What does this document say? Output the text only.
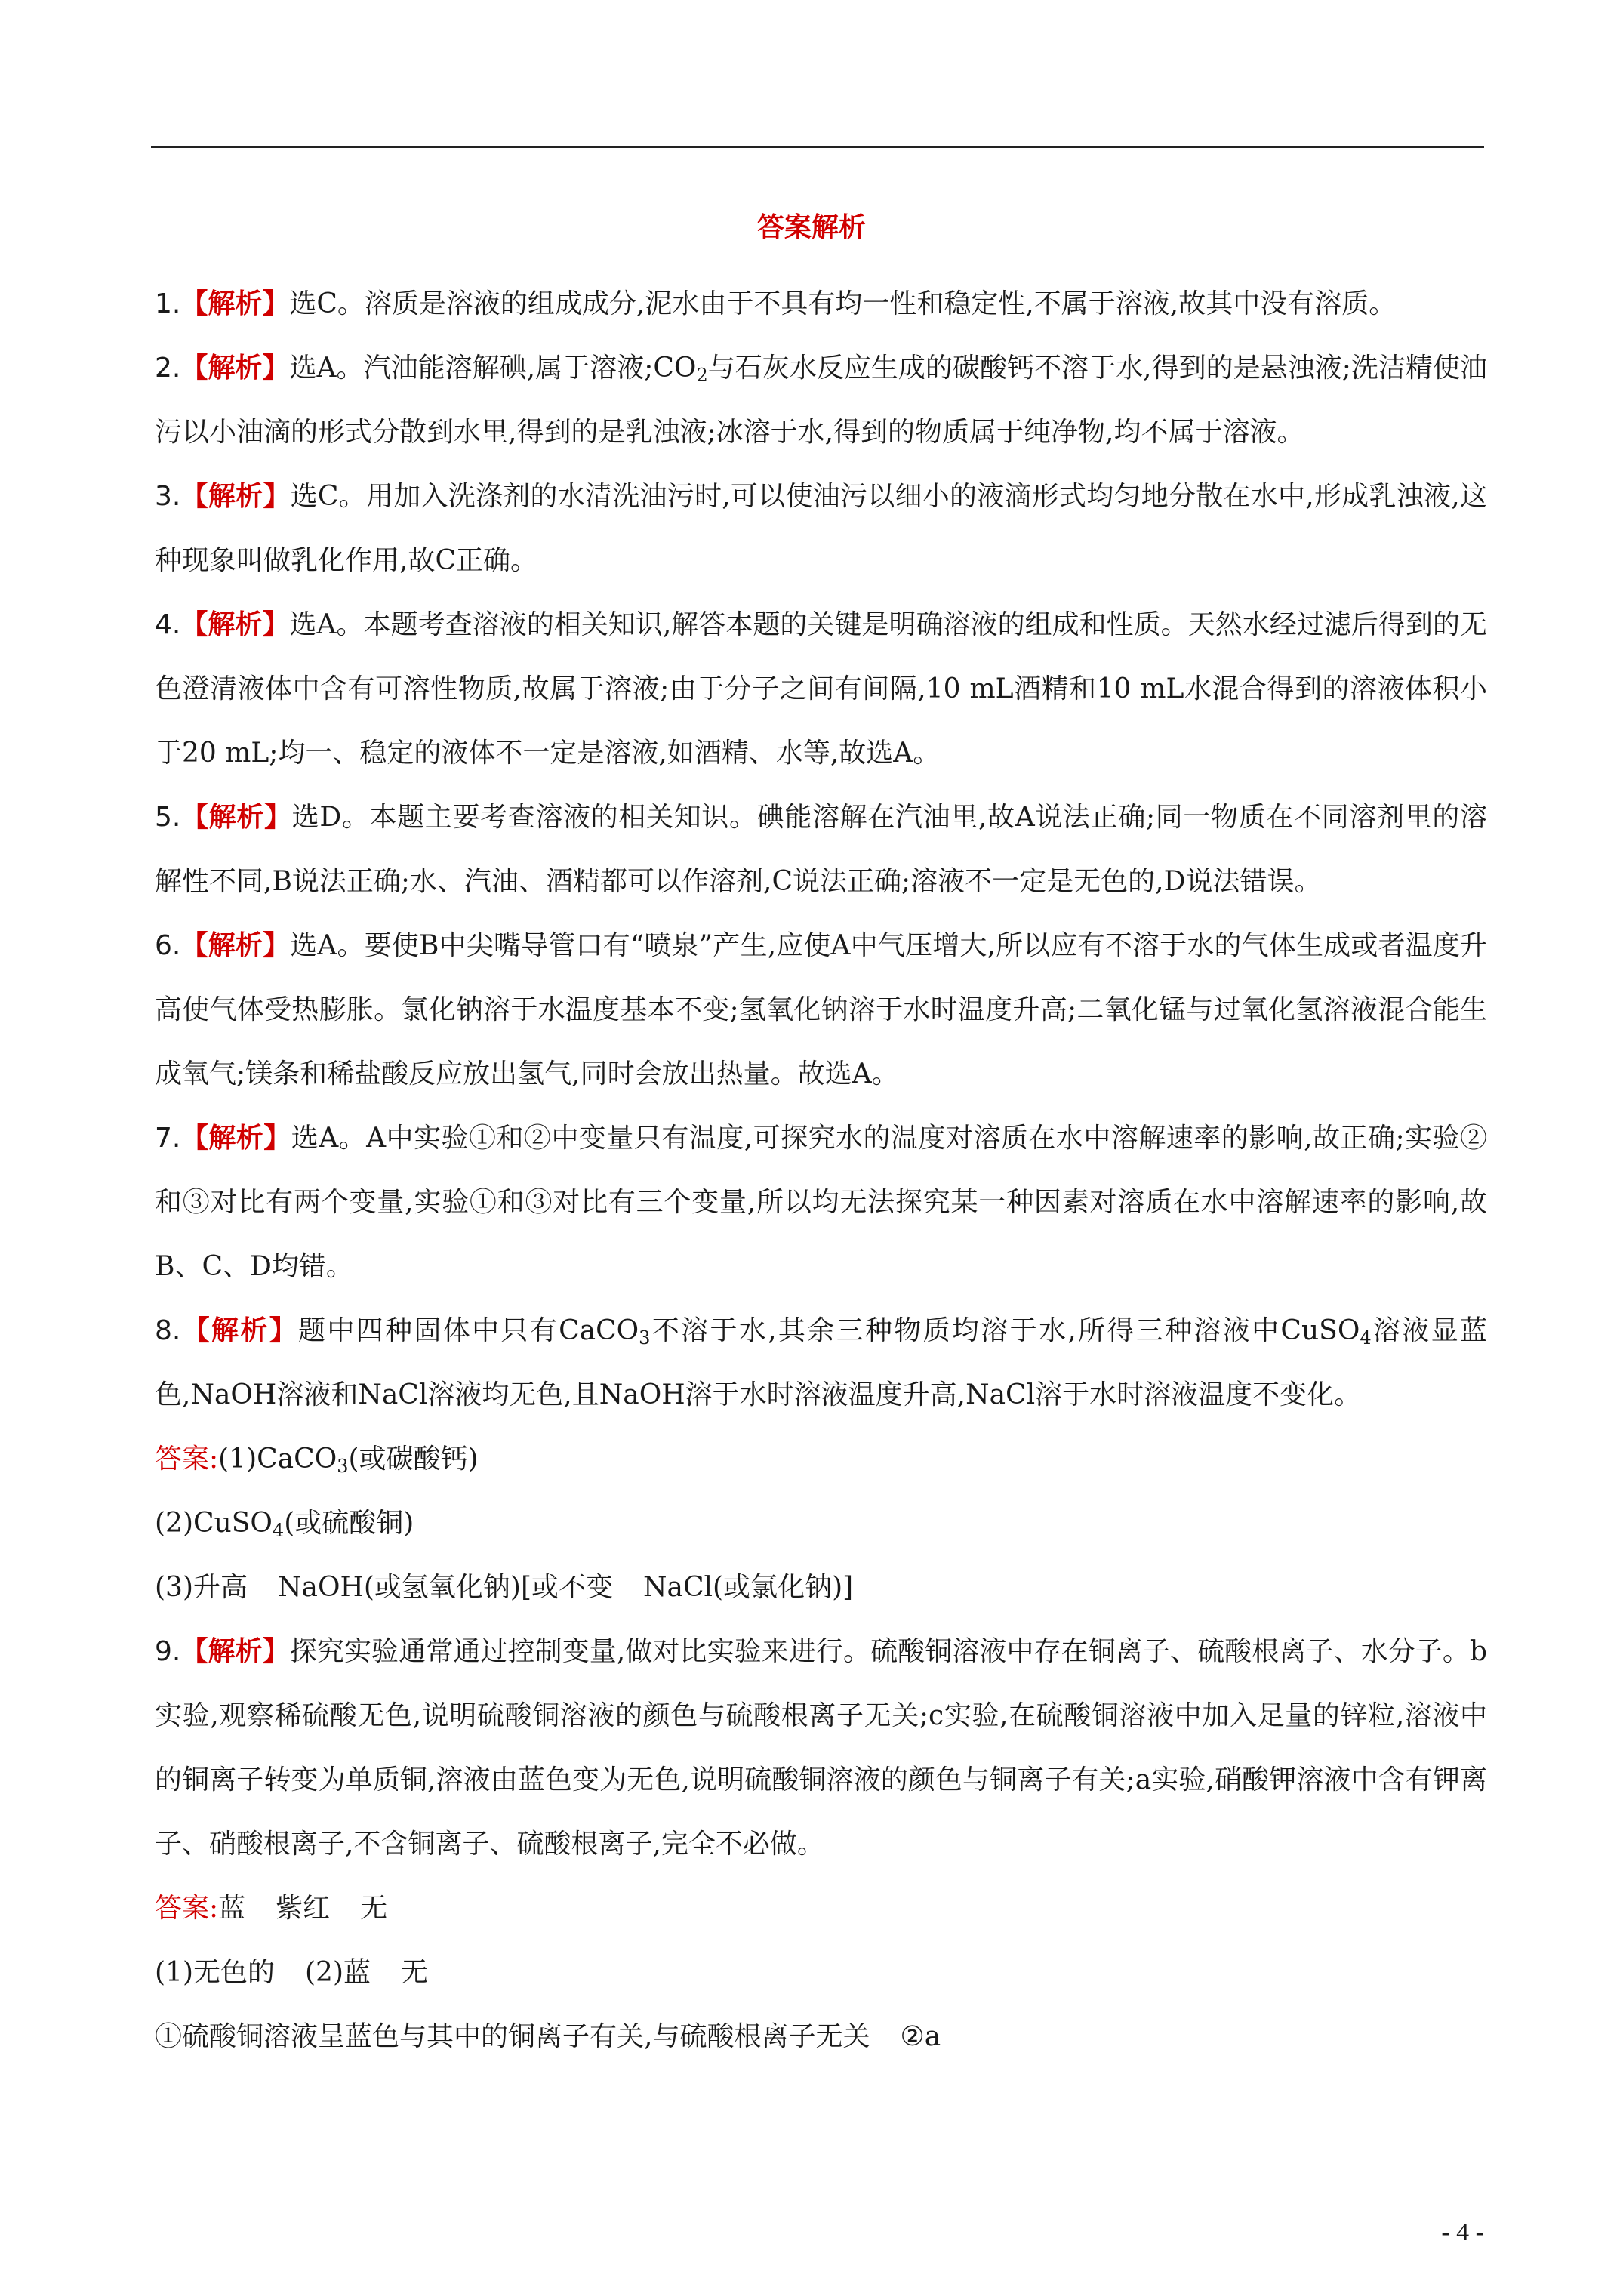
答案解析

1.【解析】选C。溶质是溶液的组成成分,泥水由于不具有均一性和稳定性,不属于溶液,故其中没有溶质。

2.【解析】选A。汽油能溶解碘,属于溶液$;CO_2$与石灰水反应生成的碳酸钙不溶于水,得到的是悬浊液;洗洁精使油污以小油滴的形式分散到水里,得到的是乳浊液;冰溶于水,得到的物质属于纯净物,均不属于溶液。

3.【解析】选C。用加入洗涤剂的水清洗油污时,可以使油污以细小的液滴形式均匀地分散在水中,形成乳浊液,这种现象叫做乳化作用,故C正确。

4.【解析】选A。本题考查溶液的相关知识,解答本题的关键是明确溶液的组成和性质。天然水经过滤后得到的无色澄清液体中含有可溶性物质,故属于溶液;由于分子之间有间隔,10 mL酒精和10 mL水混合得到的溶液体积小于20 mL;均一、稳定的液体不一定是溶液,如酒精、水等,故选A。

5.【解析】选D。本题主要考查溶液的相关知识。碘能溶解在汽油里,故A说法正确;同一物质在不同溶剂里的溶解性不同,B说法正确;水、汽油、酒精都可以作溶剂,C说法正确;溶液不一定是无色的,D说法错误。

6.【解析】选A。要使B中尖嘴导管口有“喷泉”产生,应使A中气压增大,所以应有不溶于水的气体生成或者温度升高使气体受热膨胀。氯化钠溶于水温度基本不变;氢氧化钠溶于水时温度升高;二氧化锰与过氧化氢溶液混合能生成氧气;镁条和稀盐酸反应放出氢气,同时会放出热量。故选A。

7.【解析】选A。A中实验①和②中变量只有温度,可探究水的温度对溶质在水中溶解速率的影响,故正确;实验②和③对比有两个变量,实验①和③对比有三个变量,所以均无法探究某一种因素对溶质在水中溶解速率的影响,故B、C、D均错。

8.【解析】题中四种固体中只有CaCO$_3$不溶于水,其余三种物质均溶于水,所得三种溶液中CuSO$_4$溶液显蓝色,NaOH溶液和NaCl溶液均无色,且NaOH溶于水时溶液温度升高,NaCl溶于水时溶液温度不变化。

答案:(1)CaCO$_3$(或碳酸钙)

(2)CuSO$_4$(或硫酸铜)

(3)升高 NaOH(或氢氧化钠)[或不变 NaCl(或氯化钠)]

9.【解析】探究实验通常通过控制变量,做对比实验来进行。硫酸铜溶液中存在铜离子、硫酸根离子、水分子。b实验,观察稀硫酸无色,说明硫酸铜溶液的颜色与硫酸根离子无关;c实验,在硫酸铜溶液中加入足量的锌粒,溶液中的铜离子转变为单质铜,溶液由蓝色变为无色,说明硫酸铜溶液的颜色与铜离子有关;a实验,硝酸钾溶液中含有钾离子、硝酸根离子,不含铜离子、硫酸根离子,完全不必做。

答案:蓝 紫红 无

(1)无色的 (2)蓝 无

①硫酸铜溶液呈蓝色与其中的铜离子有关,与硫酸根离子无关 ②a

- 4 -
